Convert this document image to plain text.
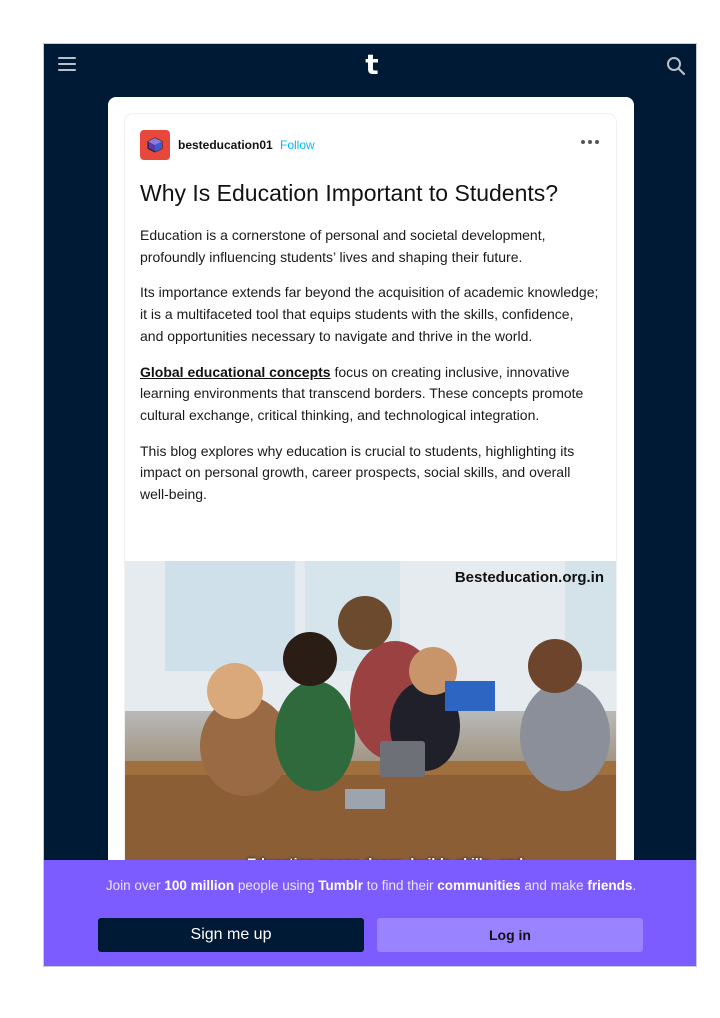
t
besteducation01 Follow
Why Is Education Important to Students?

Education is a cornerstone of personal and societal development, profoundly influencing students’ lives and shaping their future.

Its importance extends far beyond the acquisition of academic knowledge; it is a multifaceted tool that equips students with the skills, confidence, and opportunities necessary to navigate and thrive in the world.

Global educational concepts focus on creating inclusive, innovative learning environments that transcend borders. These concepts promote cultural exchange, critical thinking, and technological integration.

This blog explores why education is crucial to students, highlighting its impact on personal growth, career prospects, social skills, and overall well-being.

Besteducation.org.in
Join over 100 million people using Tumblr to find their communities and make friends.
Sign me up	Log in
